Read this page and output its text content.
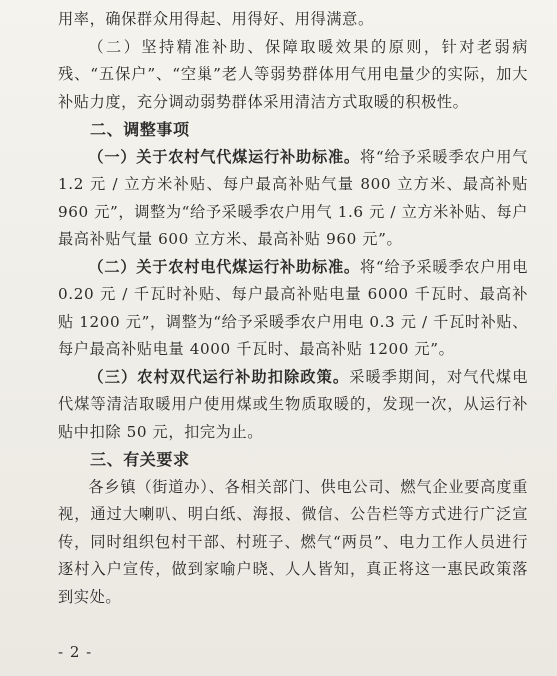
用率，确保群众用得起、用得好、用得满意。

（二）坚持精准补助、保障取暖效果的原则，针对老弱病残、“五保户”、“空巢”老人等弱势群体用气用电量少的实际，加大补贴力度，充分调动弱势群体采用清洁方式取暖的积极性。

二、调整事项

（一）关于农村气代煤运行补助标准。将“给予采暖季农户用气 1.2 元 / 立方米补贴、每户最高补贴气量 800 立方米、最高补贴 960 元”，调整为“给予采暖季农户用气 1.6 元 / 立方米补贴、每户最高补贴气量 600 立方米、最高补贴 960 元”。

（二）关于农村电代煤运行补助标准。将“给予采暖季农户用电 0.20 元 / 千瓦时补贴、每户最高补贴电量 6000 千瓦时、最高补贴 1200 元”，调整为“给予采暖季农户用电 0.3 元 / 千瓦时补贴、每户最高补贴电量 4000 千瓦时、最高补贴 1200 元”。

（三）农村双代运行补助扣除政策。采暖季期间，对气代煤电代煤等清洁取暖用户使用煤或生物质取暖的，发现一次，从运行补贴中扣除 50 元，扣完为止。

三、有关要求

各乡镇（街道办）、各相关部门、供电公司、燃气企业要高度重视，通过大喇叭、明白纸、海报、微信、公告栏等方式进行广泛宣传，同时组织包村干部、村班子、燃气“两员”、电力工作人员进行逐村入户宣传，做到家喻户晓、人人皆知，真正将这一惠民政策落到实处。

- 2 -
